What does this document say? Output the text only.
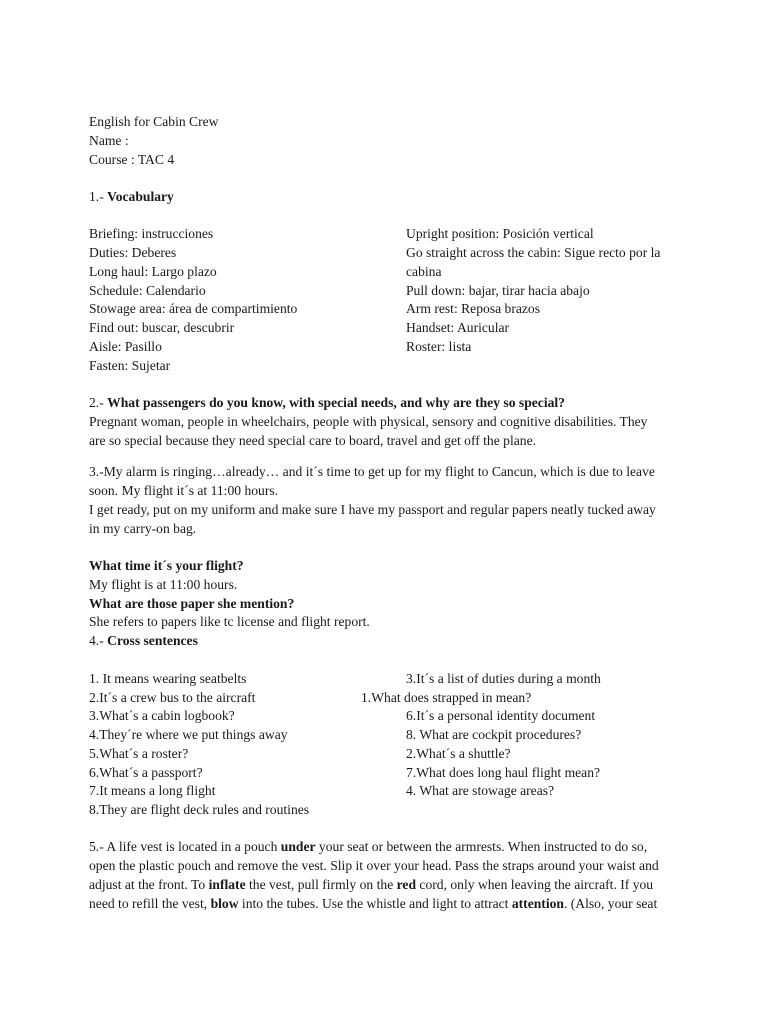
English for Cabin Crew
Name :
Course : TAC 4
1.- Vocabulary
Briefing: instrucciones
Duties: Deberes
Long haul: Largo plazo
Schedule: Calendario
Stowage area: área de compartimiento
Find out: buscar, descubrir
Aisle: Pasillo
Fasten: Sujetar
Upright position: Posición vertical
Go straight across the cabin: Sigue recto por la
cabina
Pull down: bajar, tirar hacia abajo
Arm rest: Reposa brazos
Handset: Auricular
Roster: lista
2.- What passengers do you know, with special needs, and why are they so special?
Pregnant woman, people in wheelchairs, people with physical, sensory and cognitive disabilities. They
are so special because they need special care to board, travel and get off the plane.
3.-My alarm is ringing…already… and it´s time to get up for my flight to Cancun, which is due to leave
soon. My flight it´s at 11:00 hours.
I get ready, put on my uniform and make sure I have my passport and regular papers neatly tucked away
in my carry-on bag.
What time it´s your flight?
My flight is at 11:00 hours.
What are those paper she mention?
She refers to papers like tc license and flight report.
4.- Cross sentences
1. It means wearing seatbelts
2.It´s a crew bus to the aircraft
3.What´s a cabin logbook?
4.They´re where we put things away
5.What´s a roster?
6.What´s a passport?
7.It means a long flight
8.They are flight deck rules and routines
3.It´s a list of duties during a month
1.What does strapped in mean?
6.It´s a personal identity document
8. What are cockpit procedures?
2.What´s a shuttle?
7.What does long haul flight mean?
4. What are stowage areas?
5.- A life vest is located in a pouch under your seat or between the armrests. When instructed to do so,
open the plastic pouch and remove the vest. Slip it over your head. Pass the straps around your waist and
adjust at the front. To inflate the vest, pull firmly on the red cord, only when leaving the aircraft. If you
need to refill the vest, blow into the tubes. Use the whistle and light to attract attention. (Also, your seat
